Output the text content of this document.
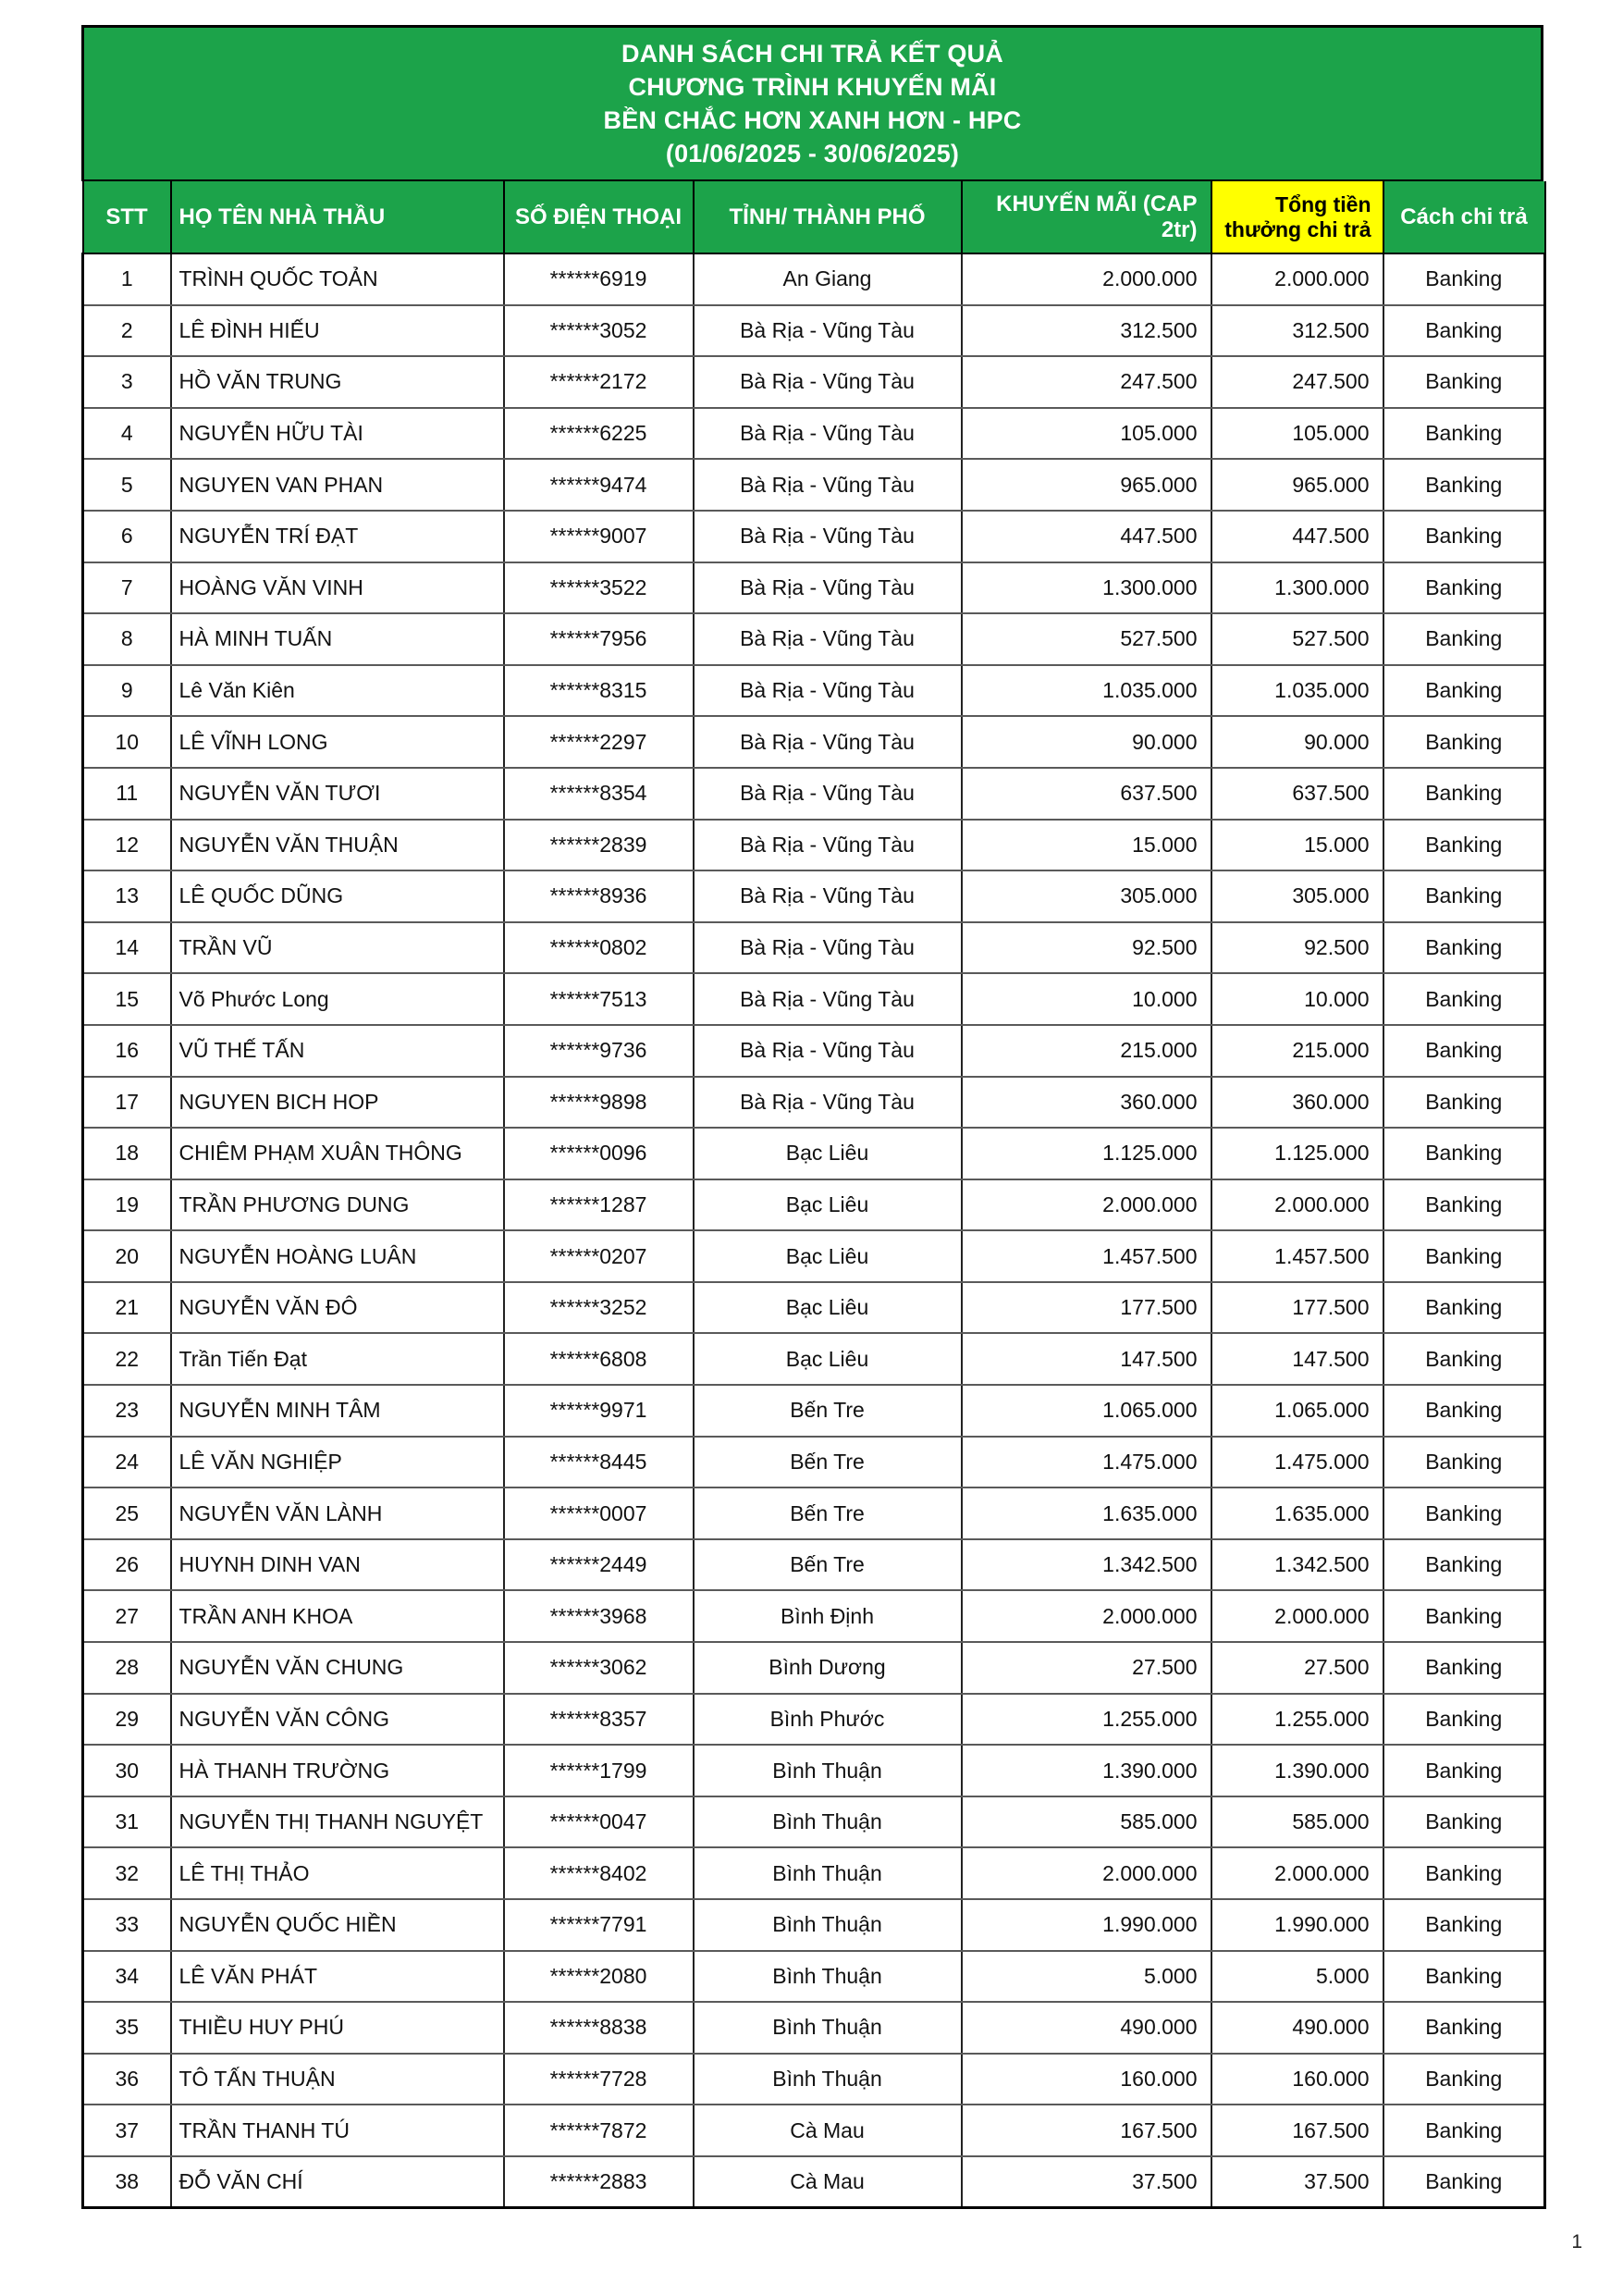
DANH SÁCH CHI TRẢ KẾT QUẢ
CHƯƠNG TRÌNH KHUYẾN MÃI
BỀN CHẮC HƠN XANH HƠN - HPC
(01/06/2025 - 30/06/2025)
STT	HỌ TÊN NHÀ THẦU	SỐ ĐIỆN THOẠI	TỈNH/ THÀNH PHỐ	KHUYẾN MÃI (CAP 2tr)	Tổng tiền thưởng chi trả	Cách chi trả
1	TRÌNH QUỐC TOẢN	******6919	An Giang	2.000.000	2.000.000	Banking
2	LÊ ĐÌNH HIẾU	******3052	Bà Rịa - Vũng Tàu	312.500	312.500	Banking
3	HỒ VĂN TRUNG	******2172	Bà Rịa - Vũng Tàu	247.500	247.500	Banking
4	NGUYỄN HỮU TÀI	******6225	Bà Rịa - Vũng Tàu	105.000	105.000	Banking
5	NGUYEN VAN PHAN	******9474	Bà Rịa - Vũng Tàu	965.000	965.000	Banking
6	NGUYỄN TRÍ ĐẠT	******9007	Bà Rịa - Vũng Tàu	447.500	447.500	Banking
7	HOÀNG VĂN VINH	******3522	Bà Rịa - Vũng Tàu	1.300.000	1.300.000	Banking
8	HÀ MINH TUẤN	******7956	Bà Rịa - Vũng Tàu	527.500	527.500	Banking
9	Lê Văn Kiên	******8315	Bà Rịa - Vũng Tàu	1.035.000	1.035.000	Banking
10	LÊ VĨNH LONG	******2297	Bà Rịa - Vũng Tàu	90.000	90.000	Banking
11	NGUYỄN VĂN TƯƠI	******8354	Bà Rịa - Vũng Tàu	637.500	637.500	Banking
12	NGUYỄN VĂN THUẬN	******2839	Bà Rịa - Vũng Tàu	15.000	15.000	Banking
13	LÊ QUỐC DŨNG	******8936	Bà Rịa - Vũng Tàu	305.000	305.000	Banking
14	TRẦN VŨ	******0802	Bà Rịa - Vũng Tàu	92.500	92.500	Banking
15	Võ Phước Long	******7513	Bà Rịa - Vũng Tàu	10.000	10.000	Banking
16	VŨ THẾ TẤN	******9736	Bà Rịa - Vũng Tàu	215.000	215.000	Banking
17	NGUYEN BICH HOP	******9898	Bà Rịa - Vũng Tàu	360.000	360.000	Banking
18	CHIÊM PHẠM XUÂN THÔNG	******0096	Bạc Liêu	1.125.000	1.125.000	Banking
19	TRẦN PHƯƠNG DUNG	******1287	Bạc Liêu	2.000.000	2.000.000	Banking
20	NGUYỄN HOÀNG LUÂN	******0207	Bạc Liêu	1.457.500	1.457.500	Banking
21	NGUYỄN VĂN ĐÔ	******3252	Bạc Liêu	177.500	177.500	Banking
22	Trần Tiến Đạt	******6808	Bạc Liêu	147.500	147.500	Banking
23	NGUYỄN MINH TÂM	******9971	Bến Tre	1.065.000	1.065.000	Banking
24	LÊ VĂN NGHIỆP	******8445	Bến Tre	1.475.000	1.475.000	Banking
25	NGUYỄN VĂN LÀNH	******0007	Bến Tre	1.635.000	1.635.000	Banking
26	HUYNH DINH VAN	******2449	Bến Tre	1.342.500	1.342.500	Banking
27	TRẦN ANH KHOA	******3968	Bình Định	2.000.000	2.000.000	Banking
28	NGUYỄN VĂN CHUNG	******3062	Bình Dương	27.500	27.500	Banking
29	NGUYỄN VĂN CÔNG	******8357	Bình Phước	1.255.000	1.255.000	Banking
30	HÀ THANH TRƯỜNG	******1799	Bình Thuận	1.390.000	1.390.000	Banking
31	NGUYỄN THỊ THANH NGUYỆT	******0047	Bình Thuận	585.000	585.000	Banking
32	LÊ THỊ THẢO	******8402	Bình Thuận	2.000.000	2.000.000	Banking
33	NGUYỄN QUỐC HIỀN	******7791	Bình Thuận	1.990.000	1.990.000	Banking
34	LÊ VĂN PHÁT	******2080	Bình Thuận	5.000	5.000	Banking
35	THIỀU HUY PHÚ	******8838	Bình Thuận	490.000	490.000	Banking
36	TÔ TẤN THUẬN	******7728	Bình Thuận	160.000	160.000	Banking
37	TRẦN THANH TÚ	******7872	Cà Mau	167.500	167.500	Banking
38	ĐỖ VĂN CHÍ	******2883	Cà Mau	37.500	37.500	Banking
1
